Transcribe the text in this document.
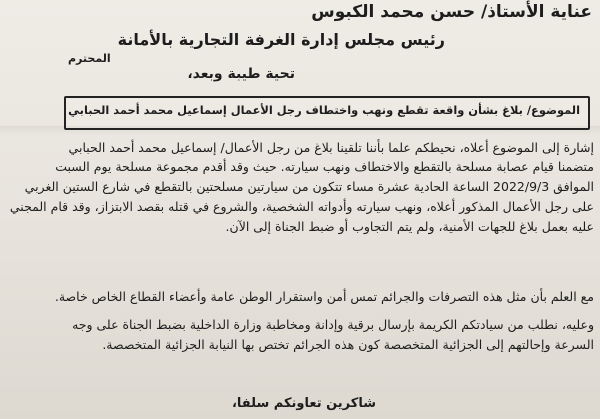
عناية الأستاذ/ حسن محمد الكبوس
رئيس مجلس إدارة الغرفة التجارية بالأمانة
المحترم
تحية طيبة وبعد،
الموضوع/ بلاغ بشأن واقعة تقطع ونهب واختطاف رجل الأعمال إسماعيل محمد أحمد الحبابي
إشارة إلى الموضوع أعلاه، نحيطكم علما بأننا تلقينا بلاغ من رجل الأعمال/ إسماعيل محمد أحمد الحبابي
متضمنا قيام عصابة مسلحة بالتقطع والاختطاف ونهب سيارته. حيث وقد أقدم مجموعة مسلحة يوم السبت
الموافق 2022/9/3 الساعة الحادية عشرة مساء تتكون من سيارتين مسلحتين بالتقطع في شارع الستين الغربي
على رجل الأعمال المذكور أعلاه، ونهب سيارته وأدواته الشخصية، والشروع في قتله بقصد الابتزاز، وقد قام المجني
عليه بعمل بلاغ للجهات الأمنية، ولم يتم التجاوب أو ضبط الجناة إلى الآن.
مع العلم بأن مثل هذه التصرفات والجرائم تمس أمن واستقرار الوطن عامة وأعضاء القطاع الخاص خاصة.
وعليه، نطلب من سيادتكم الكريمة بإرسال برقية وإدانة ومخاطبة وزارة الداخلية بضبط الجناة على وجه
السرعة وإحالتهم إلى الجزائية المتخصصة كون هذه الجرائم تختص بها النيابة الجزائية المتخصصة.
شاكرين تعاونكم سلفا،
